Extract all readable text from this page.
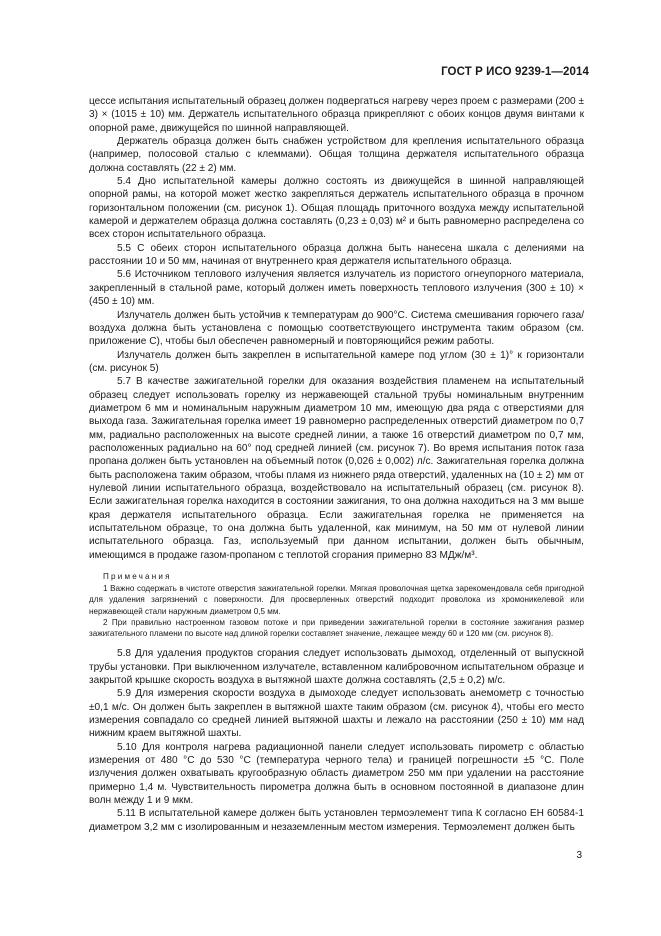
ГОСТ Р ИСО 9239-1—2014

цессе испытания испытательный образец должен подвергаться нагреву через проем с размерами (200 ± 3) × (1015 ± 10) мм. Держатель испытательного образца прикрепляют с обоих концов двумя винтами к опорной раме, движущейся по шинной направляющей.

Держатель образца должен быть снабжен устройством для крепления испытательного образца (например, полосовой сталью с клеммами). Общая толщина держателя испытательного образца должна составлять (22 ± 2) мм.

5.4 Дно испытательной камеры должно состоять из движущейся в шинной направляющей опорной рамы, на которой может жестко закрепляться держатель испытательного образца в прочном горизонтальном положении (см. рисунок 1). Общая площадь приточного воздуха между испытательной камерой и держателем образца должна составлять (0,23 ± 0,03) м² и быть равномерно распределена со всех сторон испытательного образца.

5.5 С обеих сторон испытательного образца должна быть нанесена шкала с делениями на расстоянии 10 и 50 мм, начиная от внутреннего края держателя испытательного образца.

5.6 Источником теплового излучения является излучатель из пористого огнеупорного материала, закрепленный в стальной раме, который должен иметь поверхность теплового излучения (300 ± 10) × (450 ± 10) мм.

Излучатель должен быть устойчив к температурам до 900°С. Система смешивания горючего газа/воздуха должна быть установлена с помощью соответствующего инструмента таким образом (см. приложение С), чтобы был обеспечен равномерный и повторяющийся режим работы.

Излучатель должен быть закреплен в испытательной камере под углом (30 ± 1)° к горизонтали (см. рисунок 5)

5.7 В качестве зажигательной горелки для оказания воздействия пламенем на испытательный образец следует использовать горелку из нержавеющей стальной трубы номинальным внутренним диаметром 6 мм и номинальным наружным диаметром 10 мм, имеющую два ряда с отверстиями для выхода газа. Зажигательная горелка имеет 19 равномерно распределенных отверстий диаметром по 0,7 мм, радиально расположенных на высоте средней линии, а также 16 отверстий диаметром по 0,7 мм, расположенных радиально на 60° под средней линией (см. рисунок 7). Во время испытания поток газа пропана должен быть установлен на объемный поток (0,026 ± 0,002) л/с. Зажигательная горелка должна быть расположена таким образом, чтобы пламя из нижнего ряда отверстий, удаленных на (10 ± 2) мм от нулевой линии испытательного образца, воздействовало на испытательный образец (см. рисунок 8). Если зажигательная горелка находится в состоянии зажигания, то она должна находиться на 3 мм выше края держателя испытательного образца. Если зажигательная горелка не применяется на испытательном образце, то она должна быть удаленной, как минимум, на 50 мм от нулевой линии испытательного образца. Газ, используемый при данном испытании, должен быть обычным, имеющимся в продаже газом-пропаном с теплотой сгорания примерно 83 МДж/м³.

Примечания

1 Важно содержать в чистоте отверстия зажигательной горелки. Мягкая проволочная щетка зарекомендовала себя пригодной для удаления загрязнений с поверхности. Для просверленных отверстий подходит проволока из хромоникелевой или нержавеющей стали наружным диаметром 0,5 мм.

2 При правильно настроенном газовом потоке и при приведении зажигательной горелки в состояние зажигания размер зажигательного пламени по высоте над длиной горелки составляет значение, лежащее между 60 и 120 мм (см. рисунок 8).

5.8 Для удаления продуктов сгорания следует использовать дымоход, отделенный от выпускной трубы установки. При выключенном излучателе, вставленном калибровочном испытательном образце и закрытой крышке скорость воздуха в вытяжной шахте должна составлять (2,5 ± 0,2) м/с.

5.9 Для измерения скорости воздуха в дымоходе следует использовать анемометр с точностью ±0,1 м/с. Он должен быть закреплен в вытяжной шахте таким образом (см. рисунок 4), чтобы его место измерения совпадало со средней линией вытяжной шахты и лежало на расстоянии (250 ± 10) мм над нижним краем вытяжной шахты.

5.10 Для контроля нагрева радиационной панели следует использовать пирометр с областью измерения от 480 °С до 530 °С (температура черного тела) и границей погрешности ±5 °С. Поле излучения должен охватывать кругообразную область диаметром 250 мм при удалении на расстояние примерно 1,4 м. Чувствительность пирометра должна быть в основном постоянной в диапазоне длин волн между 1 и 9 мкм.

5.11 В испытательной камере должен быть установлен термоэлемент типа К согласно ЕН 60584-1 диаметром 3,2 мм с изолированным и незаземленным местом измерения. Термоэлемент должен быть

3
